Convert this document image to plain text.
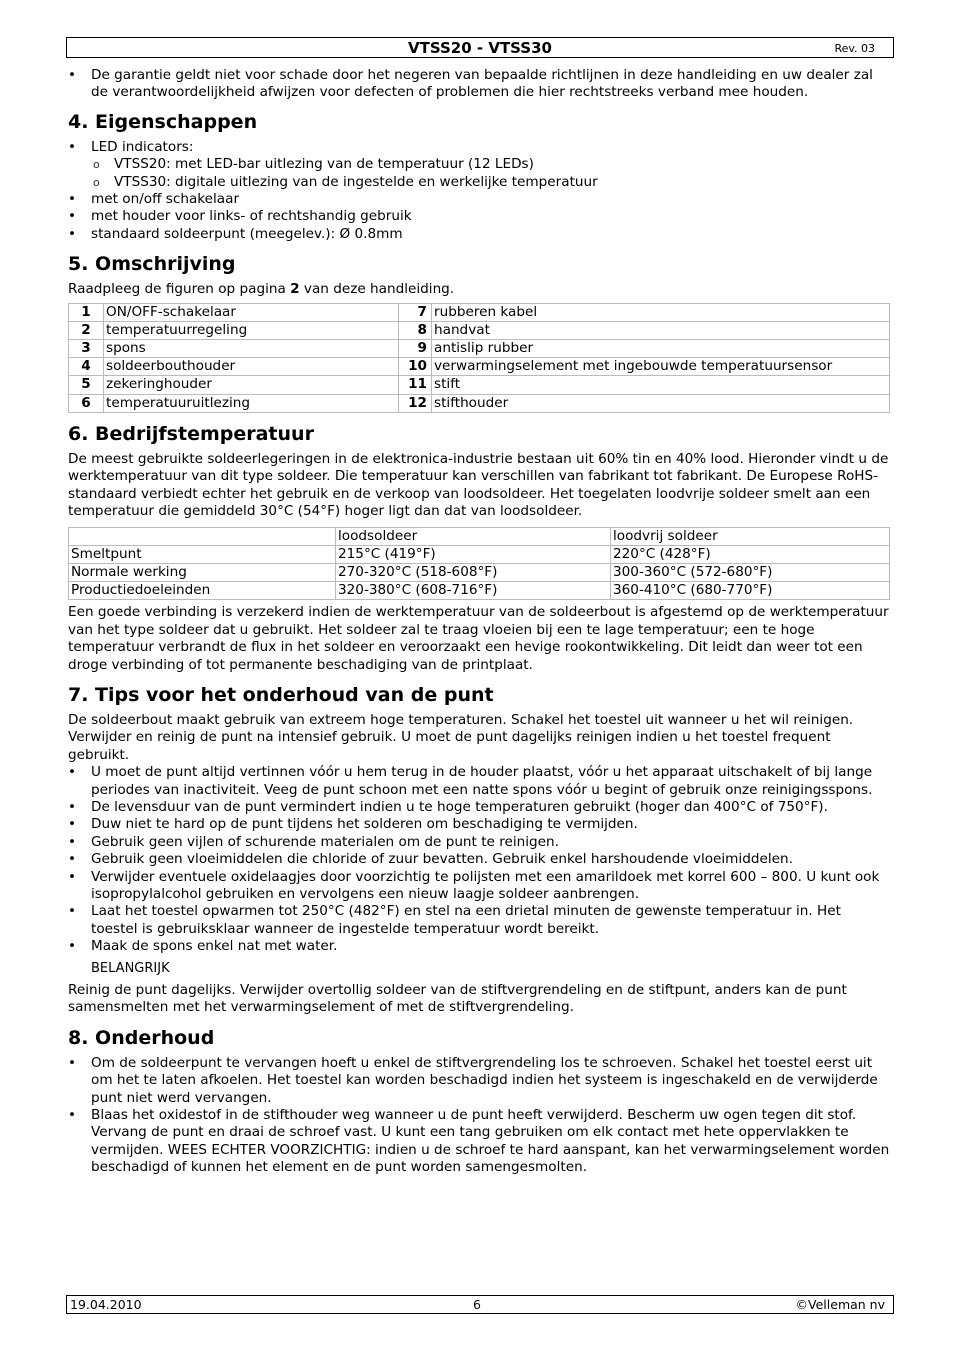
VTSS20 - VTSS30	Rev. 03
• De garantie geldt niet voor schade door het negeren van bepaalde richtlijnen in deze handleiding en uw dealer zal de verantwoordelijkheid afwijzen voor defecten of problemen die hier rechtstreeks verband mee houden.
4. Eigenschappen
• LED indicators:
o VTSS20: met LED-bar uitlezing van de temperatuur (12 LEDs)
o VTSS30: digitale uitlezing van de ingestelde en werkelijke temperatuur
• met on/off schakelaar
• met houder voor links- of rechtshandig gebruik
• standaard soldeerpunt (meegelev.): Ø 0.8mm
5. Omschrijving

Raadpleeg de figuren op pagina 2 van deze handleiding.

1	ON/OFF-schakelaar	7	rubberen kabel
2	temperatuurregeling	8	handvat
3	spons	9	antislip rubber
4	soldeerbouthouder	10	verwarmingselement met ingebouwde temperatuursensor
5	zekeringhouder	11	stift
6	temperatuuruitlezing	12	stifthouder
6. Bedrijfstemperatuur

De meest gebruikte soldeerlegeringen in de elektronica-industrie bestaan uit 60% tin en 40% lood. Hieronder vindt u de werktemperatuur van dit type soldeer. Die temperatuur kan verschillen van fabrikant tot fabrikant. De Europese RoHS-standaard verbiedt echter het gebruik en de verkoop van loodsoldeer. Het toegelaten loodvrije soldeer smelt aan een temperatuur die gemiddeld 30°C (54°F) hoger ligt dan dat van loodsoldeer.

	loodsoldeer	loodvrij soldeer
Smeltpunt	215°C (419°F)	220°C (428°F)
Normale werking	270-320°C (518-608°F)	300-360°C (572-680°F)
Productiedoeleinden	320-380°C (608-716°F)	360-410°C (680-770°F)

Een goede verbinding is verzekerd indien de werktemperatuur van de soldeerbout is afgestemd op de werktemperatuur van het type soldeer dat u gebruikt. Het soldeer zal te traag vloeien bij een te lage temperatuur; een te hoge temperatuur verbrandt de flux in het soldeer en veroorzaakt een hevige rookontwikkeling. Dit leidt dan weer tot een droge verbinding of tot permanente beschadiging van de printplaat.

7. Tips voor het onderhoud van de punt

De soldeerbout maakt gebruik van extreem hoge temperaturen. Schakel het toestel uit wanneer u het wil reinigen.

Verwijder en reinig de punt na intensief gebruik. U moet de punt dagelijks reinigen indien u het toestel frequent gebruikt.

• U moet de punt altijd vertinnen vóór u hem terug in de houder plaatst, vóór u het apparaat uitschakelt of bij lange periodes van inactiviteit. Veeg de punt schoon met een natte spons vóór u begint of gebruik onze reinigingsspons.
• De levensduur van de punt vermindert indien u te hoge temperaturen gebruikt (hoger dan 400°C of 750°F).
• Duw niet te hard op de punt tijdens het solderen om beschadiging te vermijden.
• Gebruik geen vijlen of schurende materialen om de punt te reinigen.
• Gebruik geen vloeimiddelen die chloride of zuur bevatten. Gebruik enkel harshoudende vloeimiddelen.
• Verwijder eventuele oxidelaagjes door voorzichtig te polijsten met een amarildoek met korrel 600 – 800. U kunt ook isopropylalcohol gebruiken en vervolgens een nieuw laagje soldeer aanbrengen.
• Laat het toestel opwarmen tot 250°C (482°F) en stel na een drietal minuten de gewenste temperatuur in. Het toestel is gebruiksklaar wanneer de ingestelde temperatuur wordt bereikt.
• Maak de spons enkel nat met water.

BELANGRIJK

Reinig de punt dagelijks. Verwijder overtollig soldeer van de stiftvergrendeling en de stiftpunt, anders kan de punt samensmelten met het verwarmingselement of met de stiftvergrendeling.

8. Onderhoud
• Om de soldeerpunt te vervangen hoeft u enkel de stiftvergrendeling los te schroeven. Schakel het toestel eerst uit om het te laten afkoelen. Het toestel kan worden beschadigd indien het systeem is ingeschakeld en de verwijderde punt niet werd vervangen.
• Blaas het oxidestof in de stifthouder weg wanneer u de punt heeft verwijderd. Bescherm uw ogen tegen dit stof. Vervang de punt en draai de schroef vast. U kunt een tang gebruiken om elk contact met hete oppervlakken te vermijden. WEES ECHTER VOORZICHTIG: indien u de schroef te hard aanspant, kan het verwarmingselement worden beschadigd of kunnen het element en de punt worden samengesmolten.
19.04.2010	6	©Velleman nv
